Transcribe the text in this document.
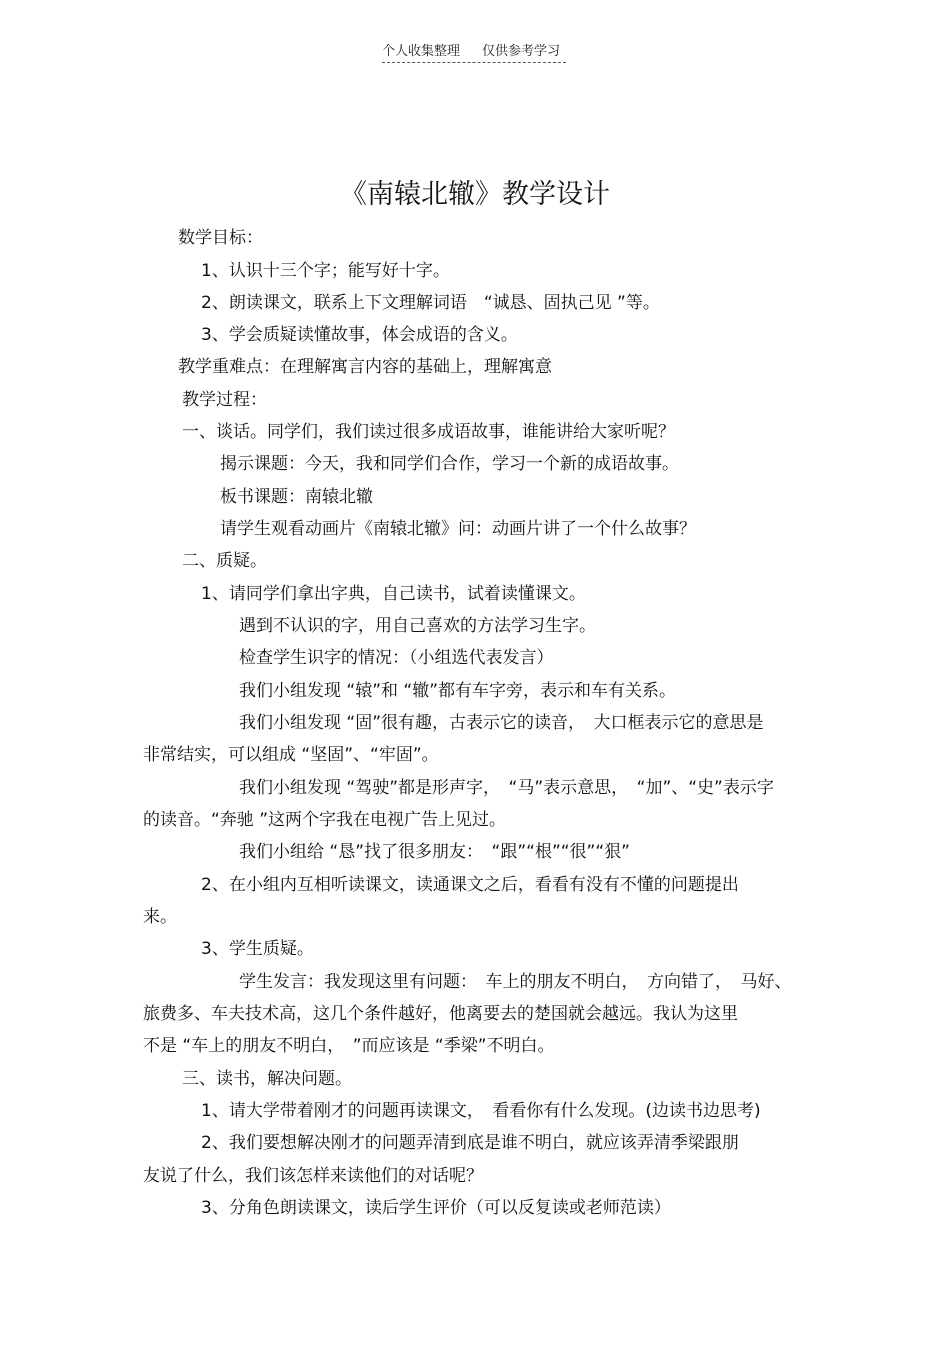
个人收集整理 仅供参考学习
《南辕北辙》教学设计
数学目标：
1、认识十三个字；能写好十字。
2、朗读课文，联系上下文理解词语　“诚恳、固执己见 ”等。
3、学会质疑读懂故事，体会成语的含义。
教学重难点：在理解寓言内容的基础上，理解寓意
教学过程：
一、谈话。同学们，我们读过很多成语故事，谁能讲给大家听呢？
揭示课题：今天，我和同学们合作，学习一个新的成语故事。
板书课题：南辕北辙
请学生观看动画片《南辕北辙》问：动画片讲了一个什么故事？
二、质疑。
1、请同学们拿出字典，自己读书，试着读懂课文。
遇到不认识的字，用自己喜欢的方法学习生字。
检查学生识字的情况：（小组选代表发言）
我们小组发现 “辕”和 “辙”都有车字旁，表示和车有关系。
我们小组发现 “固”很有趣，古表示它的读音，　大口框表示它的意思是
非常结实，可以组成 “坚固”、“牢固”。
我们小组发现 “驾驶”都是形声字，　“马”表示意思，　“加”、“史”表示字
的读音。“奔驰 ”这两个字我在电视广告上见过。
我们小组给 “恳”找了很多朋友：　“跟”“根”“很”“狠”
2、在小组内互相听读课文，读通课文之后，看看有没有不懂的问题提出
来。
3、学生质疑。
学生发言：我发现这里有问题：　车上的朋友不明白，　方向错了，　马好、
旅费多、车夫技术高，这几个条件越好，他离要去的楚国就会越远。我认为这里
不是 “车上的朋友不明白，　”而应该是 “季梁”不明白。
三、读书，解决问题。
1、请大学带着刚才的问题再读课文，　看看你有什么发现。(边读书边思考)
2、我们要想解决刚才的问题弄清到底是谁不明白，就应该弄清季梁跟朋
友说了什么，我们该怎样来读他们的对话呢？
3、分角色朗读课文，读后学生评价（可以反复读或老师范读）
